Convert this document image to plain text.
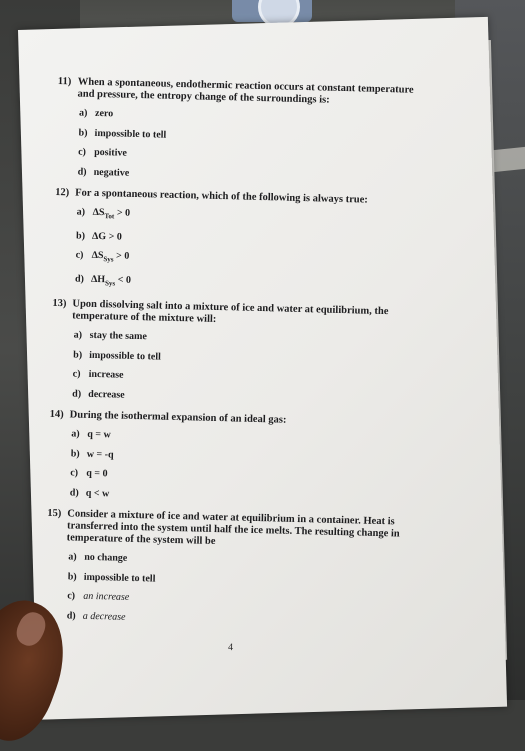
11) When a spontaneous, endothermic reaction occurs at constant temperature and pressure, the entropy change of the surroundings is:
a) zero
b) impossible to tell
c) positive
d) negative
12) For a spontaneous reaction, which of the following is always true:
a) $\Delta S_{Tot} > 0$
b) ΔG > 0
c) $\Delta S_{Sys} > 0$
d) $\Delta H_{Sys} < 0$
13) Upon dissolving salt into a mixture of ice and water at equilibrium, the temperature of the mixture will:
a) stay the same
b) impossible to tell
c) increase
d) decrease
14) During the isothermal expansion of an ideal gas:
a) q = w
b) w = -q
c) q = 0
d) q < w
15) Consider a mixture of ice and water at equilibrium in a container. Heat is transferred into the system until half the ice melts. The resulting change in temperature of the system will be
a) no change
b) impossible to tell
c) an increase
d) a decrease
4
